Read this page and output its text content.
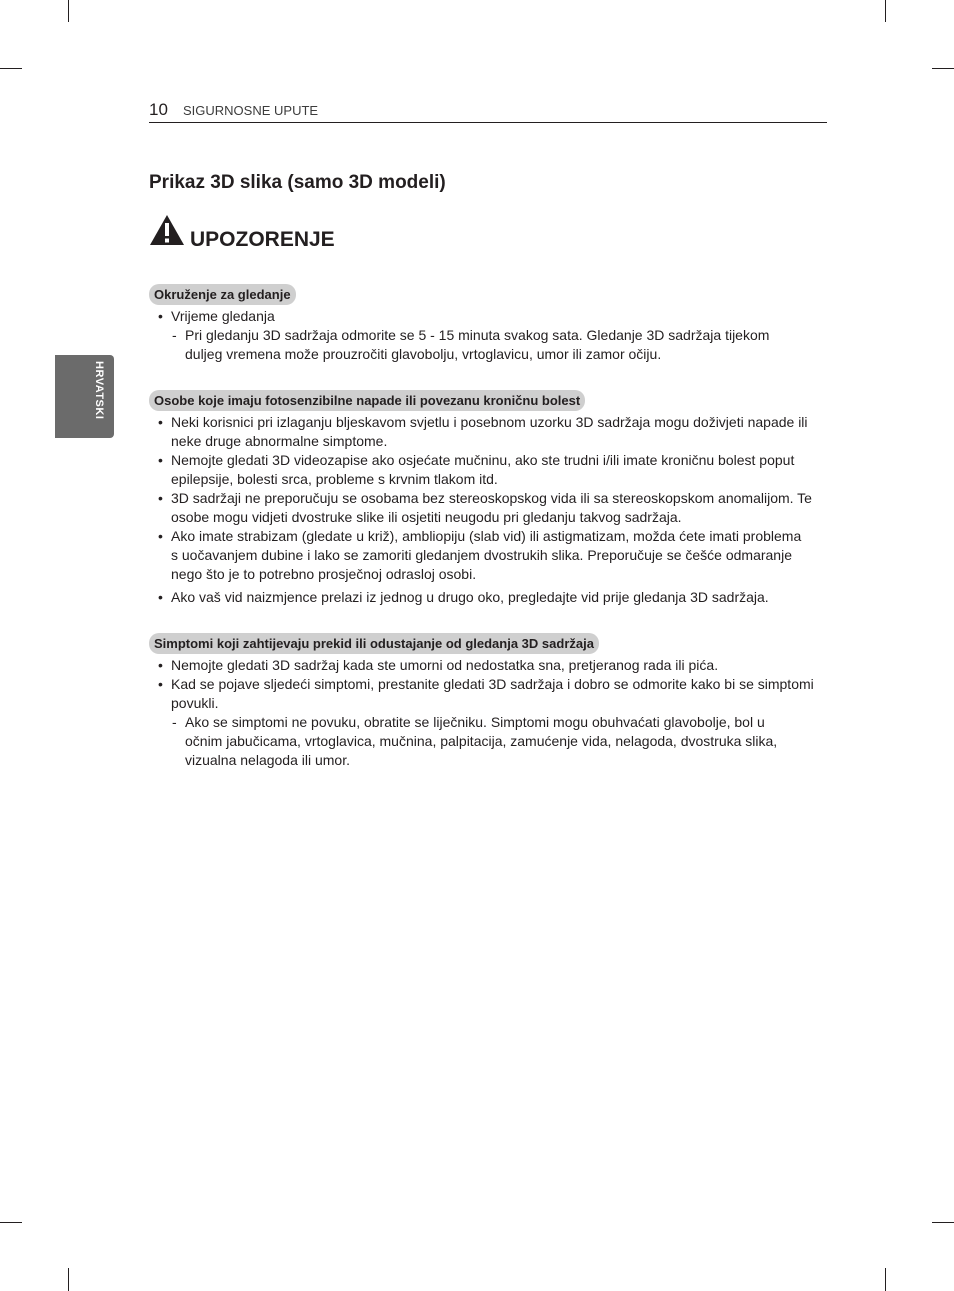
10 SIGURNOSNE UPUTE
HRVATSKI
Prikaz 3D slika (samo 3D modeli)
UPOZORENJE
Okruženje za gledanje
• Vrijeme gledanja
- Pri gledanju 3D sadržaja odmorite se 5 - 15 minuta svakog sata. Gledanje 3D sadržaja tijekom
duljeg vremena može prouzročiti glavobolju, vrtoglavicu, umor ili zamor očiju.
Osobe koje imaju fotosenzibilne napade ili povezanu kroničnu bolest
• Neki korisnici pri izlaganju bljeskavom svjetlu i posebnom uzorku 3D sadržaja mogu doživjeti napade ili
neke druge abnormalne simptome.
• Nemojte gledati 3D videozapise ako osjećate mučninu, ako ste trudni i/ili imate kroničnu bolest poput
epilepsije, bolesti srca, probleme s krvnim tlakom itd.
• 3D sadržaji ne preporučuju se osobama bez stereoskopskog vida ili sa stereoskopskom anomalijom. Te
osobe mogu vidjeti dvostruke slike ili osjetiti neugodu pri gledanju takvog sadržaja.
• Ako imate strabizam (gledate u križ), ambliopiju (slab vid) ili astigmatizam, možda ćete imati problema
s uočavanjem dubine i lako se zamoriti gledanjem dvostrukih slika. Preporučuje se češće odmaranje
nego što je to potrebno prosječnoj odrasloj osobi.
• Ako vaš vid naizmjence prelazi iz jednog u drugo oko, pregledajte vid prije gledanja 3D sadržaja.
Simptomi koji zahtijevaju prekid ili odustajanje od gledanja 3D sadržaja
• Nemojte gledati 3D sadržaj kada ste umorni od nedostatka sna, pretjeranog rada ili pića.
• Kad se pojave sljedeći simptomi, prestanite gledati 3D sadržaja i dobro se odmorite kako bi se simptomi
povukli.
- Ako se simptomi ne povuku, obratite se liječniku. Simptomi mogu obuhvaćati glavobolje, bol u
očnim jabučicama, vrtoglavica, mučnina, palpitacija, zamućenje vida, nelagoda, dvostruka slika,
vizualna nelagoda ili umor.
